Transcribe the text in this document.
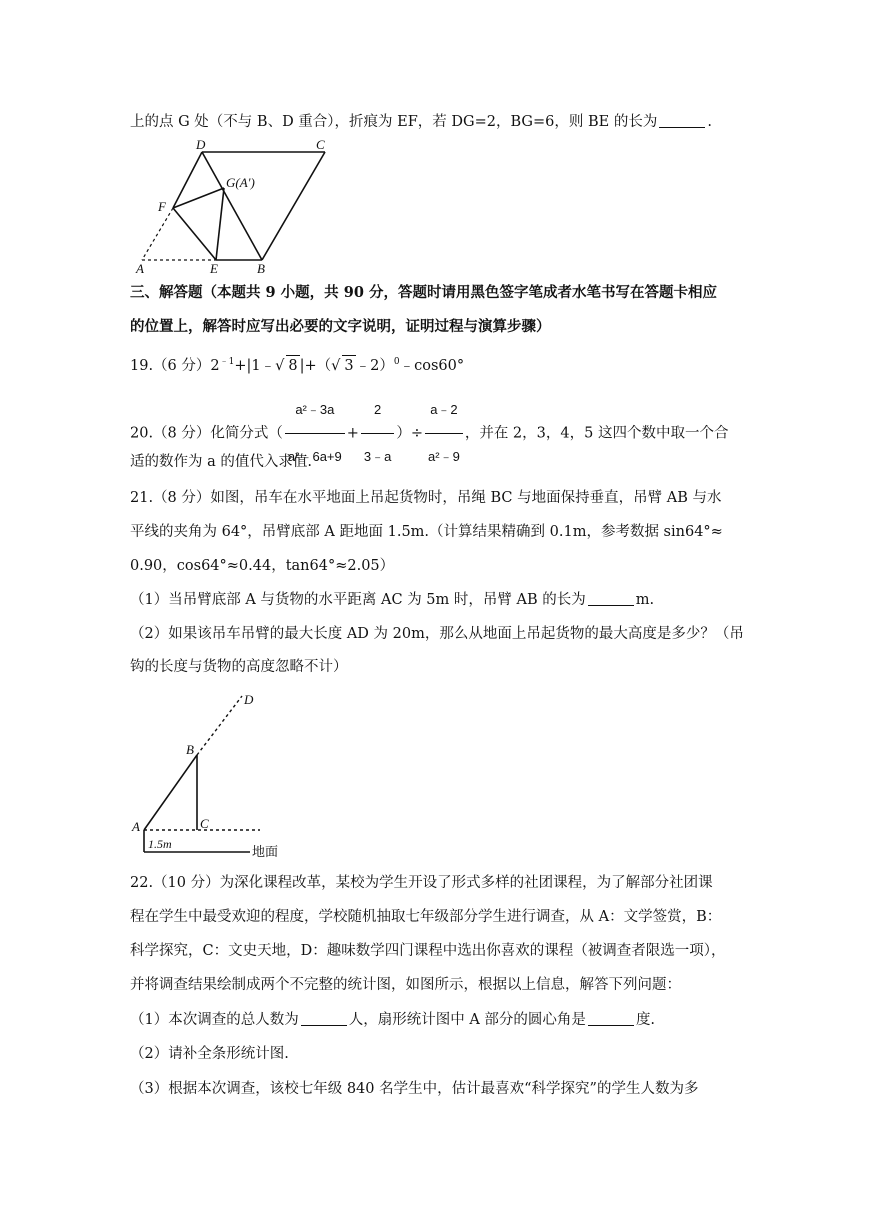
上的点 G 处（不与 B、D 重合），折痕为 EF，若 DG=2，BG=6，则 BE 的长为	.
D	C
G(A')
F
A	E	B
三、解答题（本题共 9 小题，共 90 分，答题时请用黑色签字笔成者水笔书写在答题卡相应
的位置上，解答时应写出必要的文字说明，证明过程与演算步骤）
19.（6 分）$2^{﹣1}+|1﹣√$ 8 |+（√ 3 ﹣2）$^0$﹣cos60°
20.（8 分）化简分式（ $\frac{\text{a²﹣3a}}{\text{a²﹣6a+9}} + \frac{2}{3﹣a}$ ）÷ $\frac{a﹣2}{\text{a²﹣9}}$ ，并在 2，3，4，5 这四个数中取一个合
适的数作为 a 的值代入求值.
21.（8 分）如图，吊车在水平地面上吊起货物时，吊绳 BC 与地面保持垂直，吊臂 AB 与水
平线的夹角为 64°，吊臂底部 A 距地面 1.5m.（计算结果精确到 0.1m，参考数据 sin64°≈
0.90，cos64°≈0.44，tan64°≈2.05）
（1）当吊臂底部 A 与货物的水平距离 AC 为 5m 时，吊臂 AB 的长为	m.
（2）如果该吊车吊臂的最大长度 AD 为 20m，那么从地面上吊起货物的最大高度是多少？（吊
钩的长度与货物的高度忽略不计）
D
B
A	C
1.5m
地面
22.（10 分）为深化课程改革，某校为学生开设了形式多样的社团课程，为了解部分社团课
程在学生中最受欢迎的程度，学校随机抽取七年级部分学生进行调查，从 A：文学签赏，B：
科学探究，C：文史天地，D：趣味数学四门课程中选出你喜欢的课程（被调查者限选一项），
并将调查结果绘制成两个不完整的统计图，如图所示，根据以上信息，解答下列问题：
（1）本次调查的总人数为	人，扇形统计图中 A 部分的圆心角是	度.
（2）请补全条形统计图.
（3）根据本次调查，该校七年级 840 名学生中，估计最喜欢“科学探究”的学生人数为多
